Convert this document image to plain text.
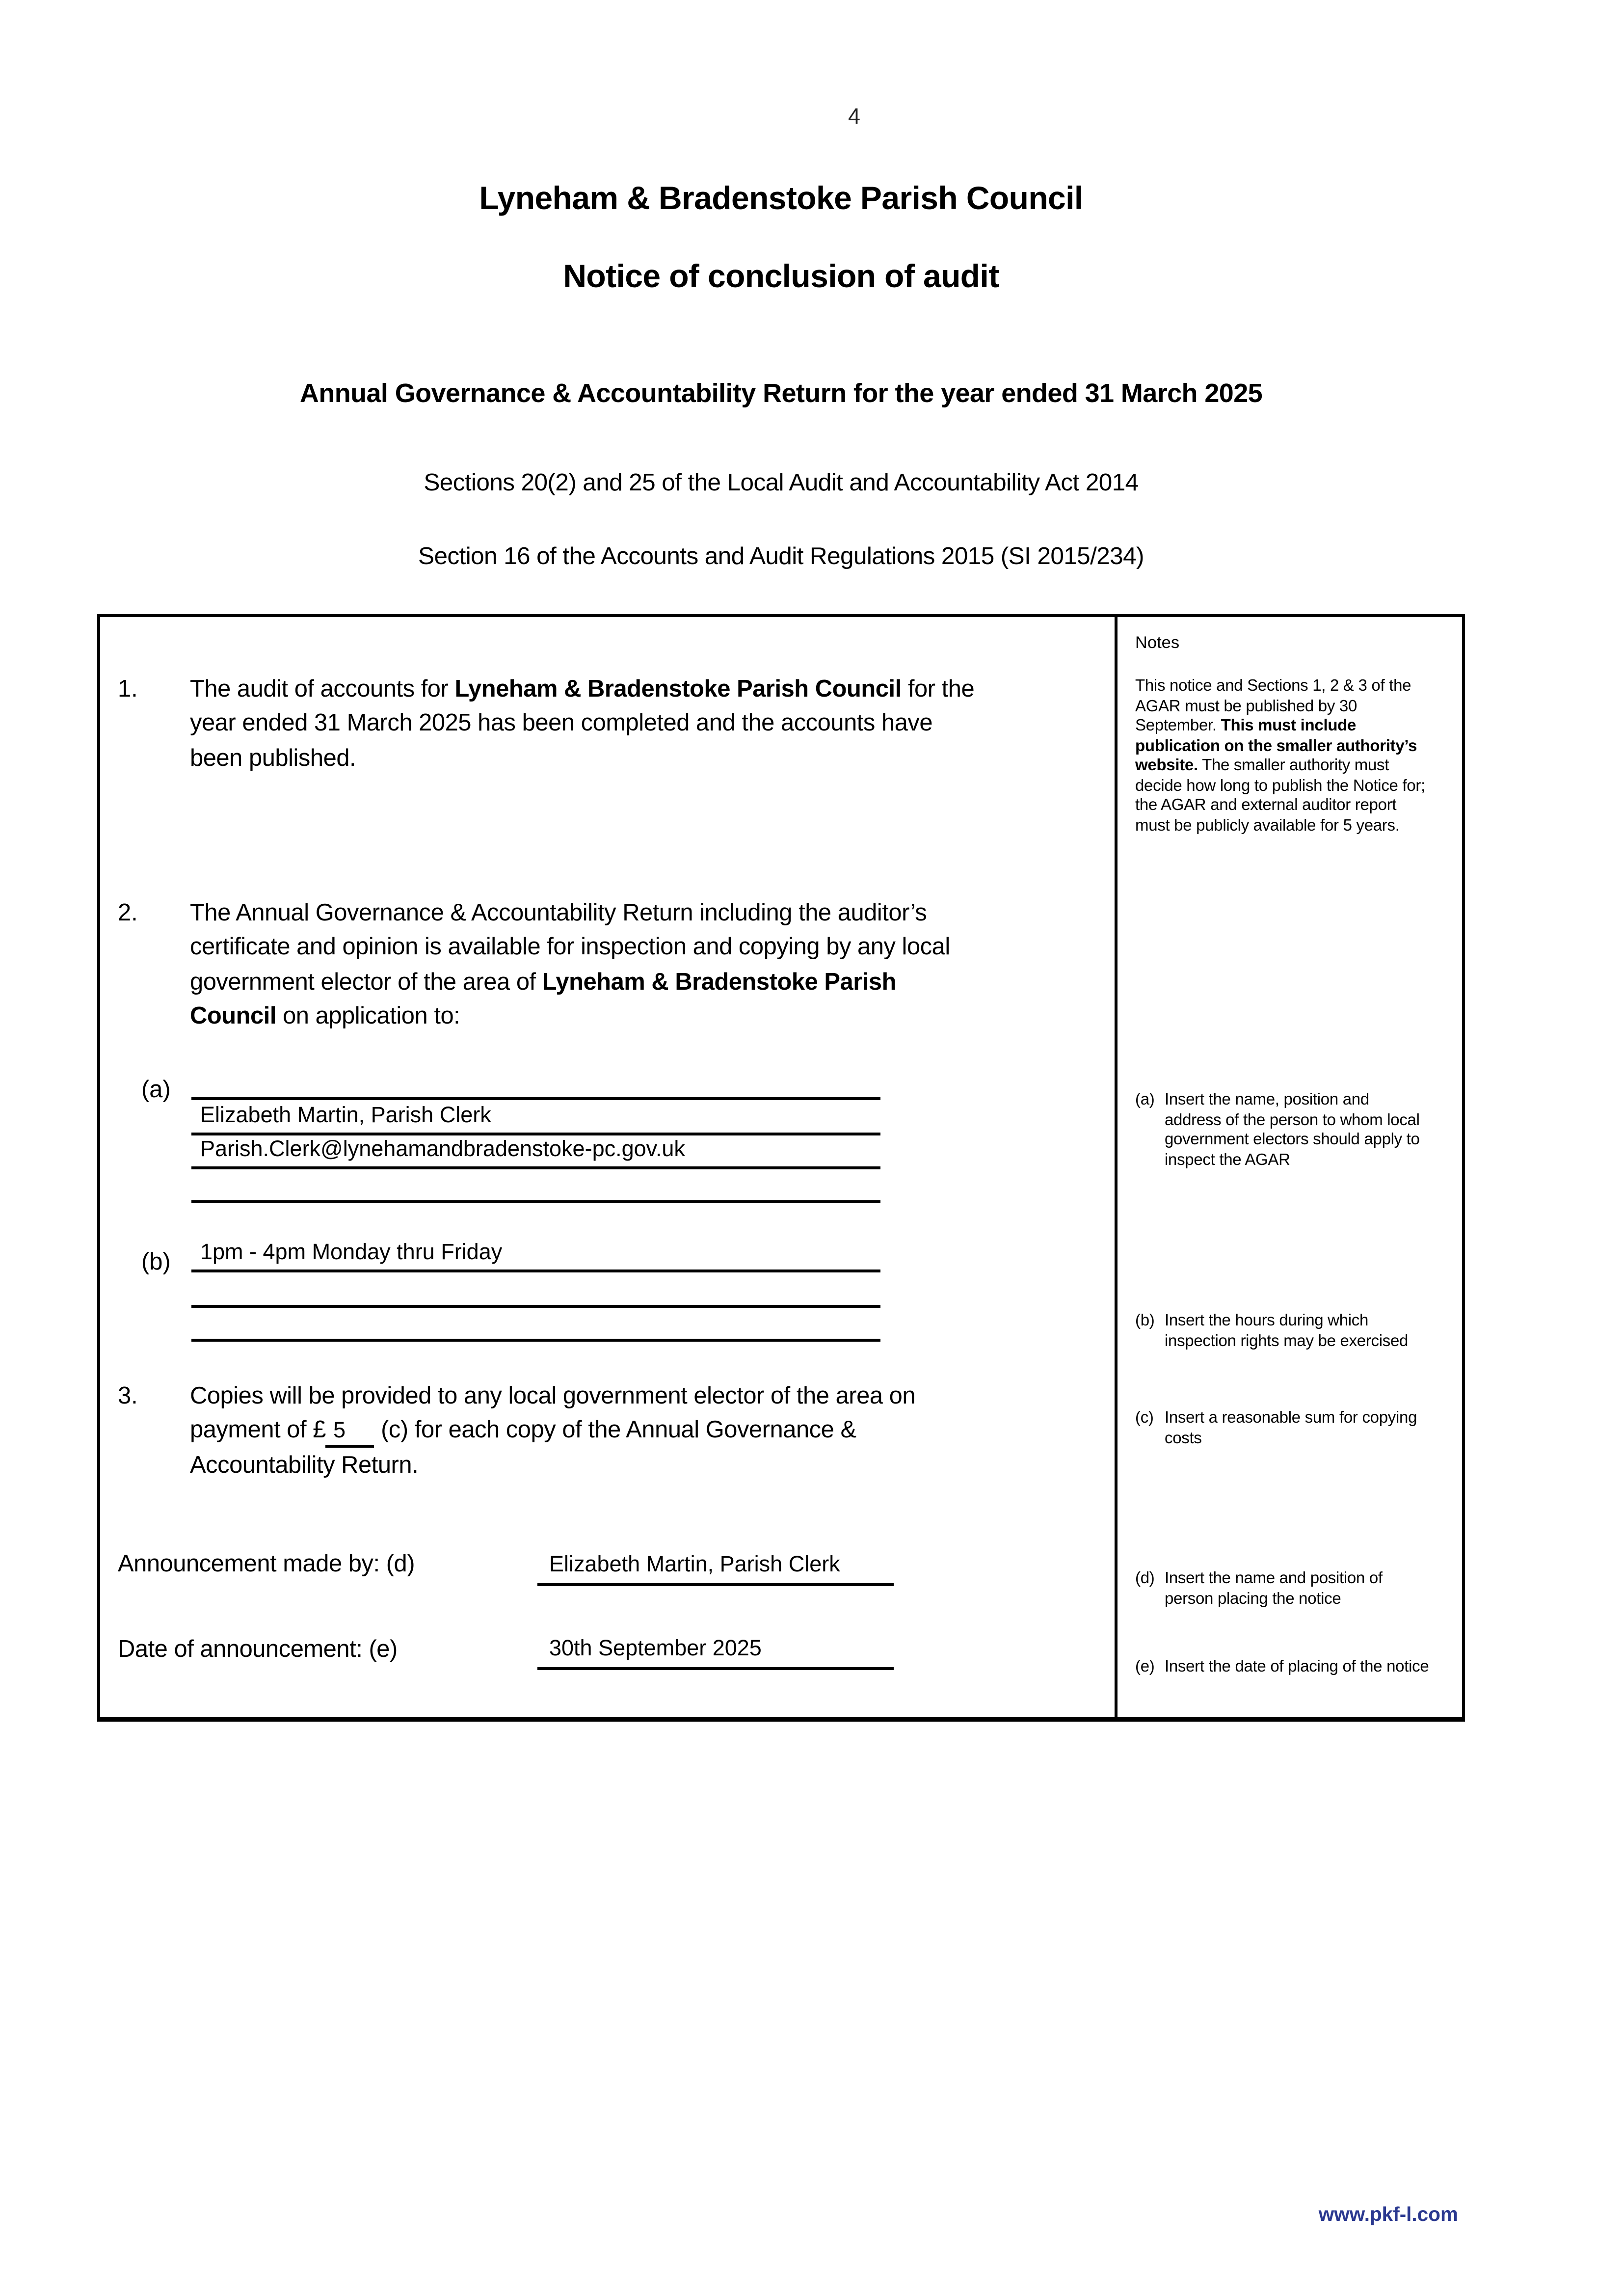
4
Lyneham & Bradenstoke Parish Council
Notice of conclusion of audit
Annual Governance & Accountability Return for the year ended 31 March 2025
Sections 20(2) and 25 of the Local Audit and Accountability Act 2014
Section 16 of the Accounts and Audit Regulations 2015 (SI 2015/234)
1.	The audit of accounts for Lyneham & Bradenstoke Parish Council for the
year ended 31 March 2025 has been completed and the accounts have
been published.
2.	The Annual Governance & Accountability Return including the auditor’s
certificate and opinion is available for inspection and copying by any local
government elector of the area of Lyneham & Bradenstoke Parish
Council on application to:
(a)
Elizabeth Martin, Parish Clerk
Parish.Clerk@lynehamandbradenstoke-pc.gov.uk
(b)	1pm - 4pm Monday thru Friday
3.	Copies will be provided to any local government elector of the area on
payment of £ 5	(c) for each copy of the Annual Governance &
Accountability Return.
Announcement made by: (d)	Elizabeth Martin, Parish Clerk
Date of announcement: (e)	30th September 2025
Notes
This notice and Sections 1, 2 & 3 of the AGAR must be published by 30 September. This must include publication on the smaller authority’s website. The smaller authority must decide how long to publish the Notice for; the AGAR and external auditor report must be publicly available for 5 years.
(a)	Insert the name, position and address of the person to whom local government electors should apply to inspect the AGAR
(b)	Insert the hours during which inspection rights may be exercised
(c)	Insert a reasonable sum for copying costs
(d)	Insert the name and position of person placing the notice
(e)	Insert the date of placing of the notice
www.pkf-l.com
